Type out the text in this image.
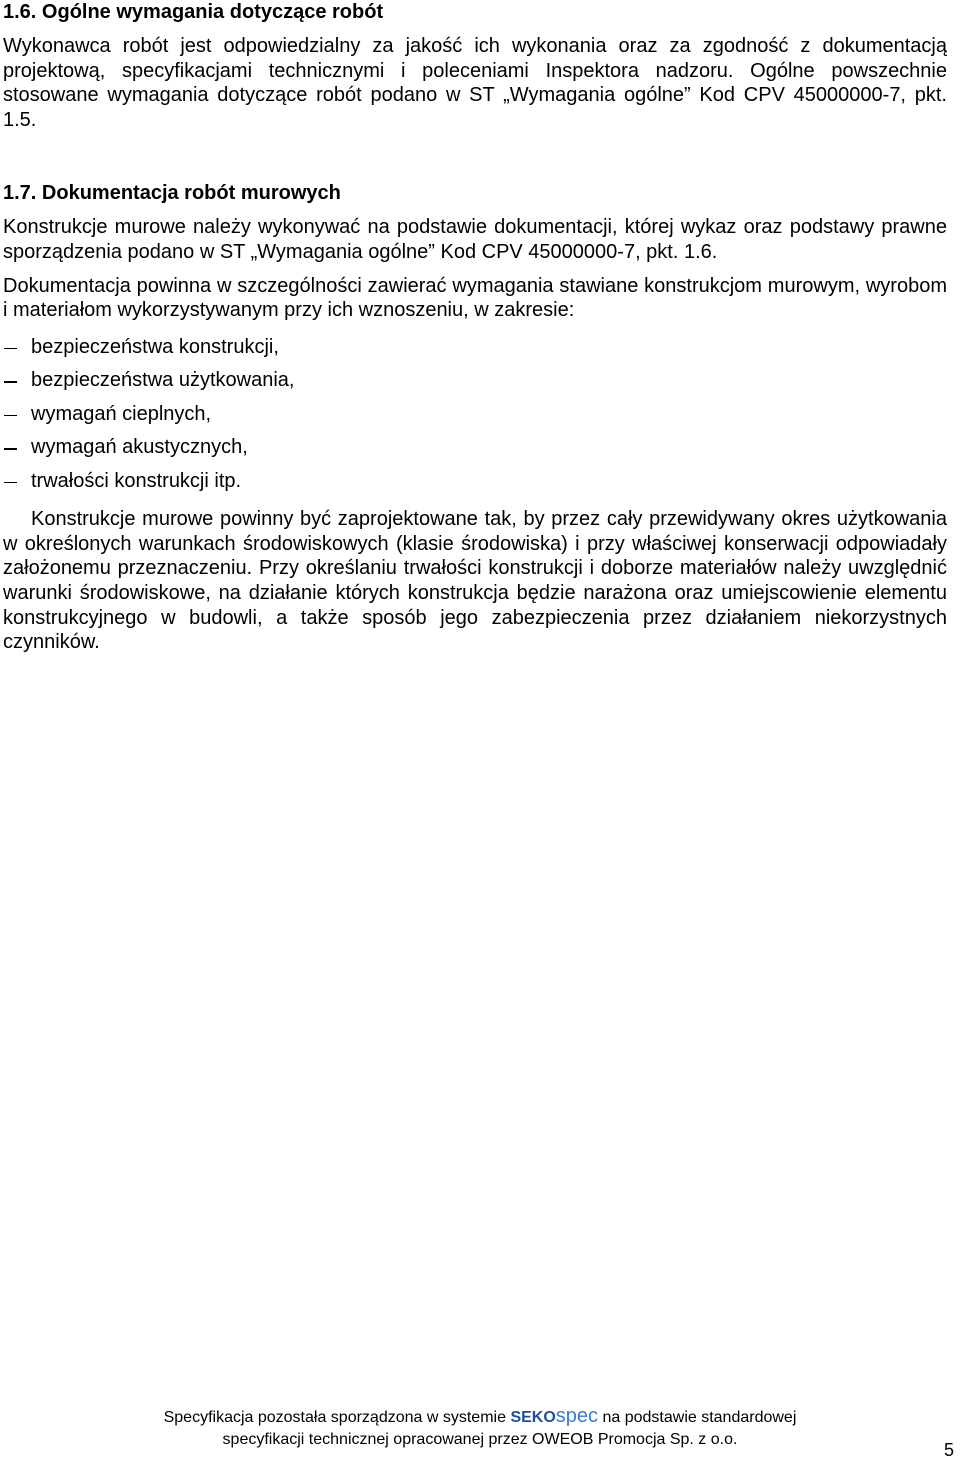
1.6. Ogólne wymagania dotyczące robót

Wykonawca robót jest odpowiedzialny za jakość ich wykonania oraz za zgodność z dokumentacją projektową, specyfikacjami technicznymi i poleceniami Inspektora nadzoru. Ogólne powszechnie stosowane wymagania dotyczące robót podano w ST „Wymagania ogólne” Kod CPV 45000000-7, pkt. 1.5.

1.7. Dokumentacja robót murowych

Konstrukcje murowe należy wykonywać na podstawie dokumentacji, której wykaz oraz podstawy prawne sporządzenia podano w ST „Wymagania ogólne” Kod CPV 45000000-7, pkt. 1.6.

Dokumentacja powinna w szczególności zawierać wymagania stawiane konstrukcjom murowym, wyrobom i materiałom wykorzystywanym przy ich wznoszeniu, w zakresie:

bezpieczeństwa konstrukcji,
bezpieczeństwa użytkowania,
wymagań cieplnych,
wymagań akustycznych,
trwałości konstrukcji itp.

Konstrukcje murowe powinny być zaprojektowane tak, by przez cały przewidywany okres użytkowania w określonych warunkach środowiskowych (klasie środowiska) i przy właściwej konserwacji odpowiadały założonemu przeznaczeniu. Przy określaniu trwałości konstrukcji i doborze materiałów należy uwzględnić warunki środowiskowe, na działanie których konstrukcja będzie narażona oraz umiejscowienie elementu konstrukcyjnego w budowli, a także sposób jego zabezpieczenia przez działaniem niekorzystnych czynników.

Specyfikacja pozostała sporządzona w systemie SEKOspec na podstawie standardowej
specyfikacji technicznej opracowanej przez OWEOB Promocja Sp. z o.o.
5
